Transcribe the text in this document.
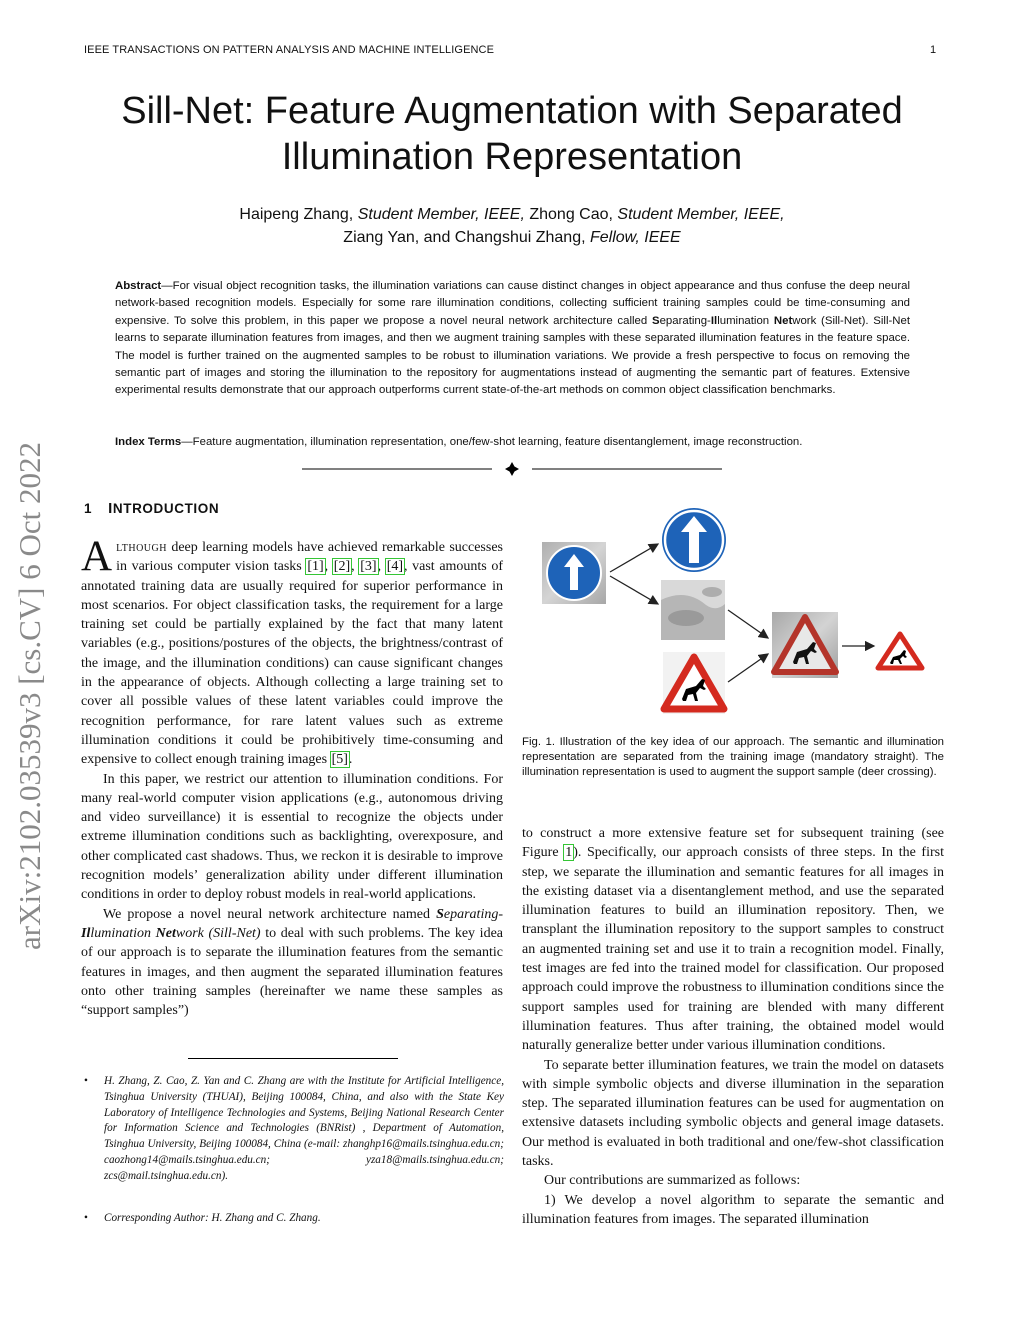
IEEE TRANSACTIONS ON PATTERN ANALYSIS AND MACHINE INTELLIGENCE	1
Sill-Net: Feature Augmentation with Separated
Illumination Representation
Haipeng Zhang, Student Member, IEEE, Zhong Cao, Student Member, IEEE,
Ziang Yan, and Changshui Zhang, Fellow, IEEE
Abstract—For visual object recognition tasks, the illumination variations can cause distinct changes in object appearance and thus confuse the deep neural network-based recognition models. Especially for some rare illumination conditions, collecting sufficient training samples could be time-consuming and expensive. To solve this problem, in this paper we propose a novel neural network architecture called Separating-Illumination Network (Sill-Net). Sill-Net learns to separate illumination features from images, and then we augment training samples with these separated illumination features in the feature space. The model is further trained on the augmented samples to be robust to illumination variations. We provide a fresh perspective to focus on removing the semantic part of images and storing the illumination to the repository for augmentations instead of augmenting the semantic part of features. Extensive experimental results demonstrate that our approach outperforms current state-of-the-art methods on common object classification benchmarks.
Index Terms—Feature augmentation, illumination representation, one/few-shot learning, feature disentanglement, image reconstruction.
arXiv:2102.03539v3 [cs.CV] 6 Oct 2022	1 INTRODUCTION

Although deep learning models have achieved remarkable successes in various computer vision tasks [1], [2], [3], [4], vast amounts of annotated training data are usually required for superior performance in most scenarios. For object classification tasks, the requirement for a large training set could be partially explained by the fact that many latent variables (e.g., positions/postures of the objects, the brightness/contrast of the image, and the illumination conditions) can cause significant changes in the appearance of objects. Although collecting a large training set to cover all possible values of these latent variables could improve the recognition performance, for rare latent values such as extreme illumination conditions it could be prohibitively time-consuming and expensive to collect enough training images [5].

In this paper, we restrict our attention to illumination conditions. For many real-world computer vision applications (e.g., autonomous driving and video surveillance) it is essential to recognize the objects under extreme illumination conditions such as backlighting, overexposure, and other complicated cast shadows. Thus, we reckon it is desirable to improve recognition models’ generalization ability under different illumination conditions in order to deploy robust models in real-world applications.

We propose a novel neural network architecture named Separating-Illumination Network (Sill-Net) to deal with such problems. The key idea of our approach is to separate the illumination features from the semantic features in images, and then augment the separated illumination features onto other training samples (hereinafter we name these samples as “support samples”)

• H. Zhang, Z. Cao, Z. Yan and C. Zhang are with the Institute for Artificial Intelligence, Tsinghua University (THUAI), Beijing 100084, China, and also with the State Key Laboratory of Intelligence Technologies and Systems, Beijing National Research Center for Information Science and Technologies (BNRist) , Department of Automation, Tsinghua University, Beijing 100084, China (e-mail: zhanghp16@mails.tsinghua.edu.cn; caozhong14@mails.tsinghua.edu.cn; yza18@mails.tsinghua.edu.cn; zcs@mail.tsinghua.edu.cn).
• Corresponding Author: H. Zhang and C. Zhang.
Fig. 1. Illustration of the key idea of our approach. The semantic and illumination representation are separated from the training image (mandatory straight). The illumination representation is used to augment the support sample (deer crossing).

to construct a more extensive feature set for subsequent training (see Figure 1). Specifically, our approach consists of three steps. In the first step, we separate the illumination and semantic features for all images in the existing dataset via a disentanglement method, and use the separated illumination features to build an illumination repository. Then, we transplant the illumination repository to the support samples to construct an augmented training set and use it to train a recognition model. Finally, test images are fed into the trained model for classification. Our proposed approach could improve the robustness to illumination conditions since the support samples used for training are blended with many different illumination features. Thus after training, the obtained model would naturally generalize better under various illumination conditions.

To separate better illumination features, we train the model on datasets with simple symbolic objects and diverse illumination in the separation step. The separated illumination features can be used for augmentation on extensive datasets including symbolic objects and general image datasets. Our method is evaluated in both traditional and one/few-shot classification tasks.

Our contributions are summarized as follows:

1) We develop a novel algorithm to separate the semantic and illumination features from images. The separated illumination
